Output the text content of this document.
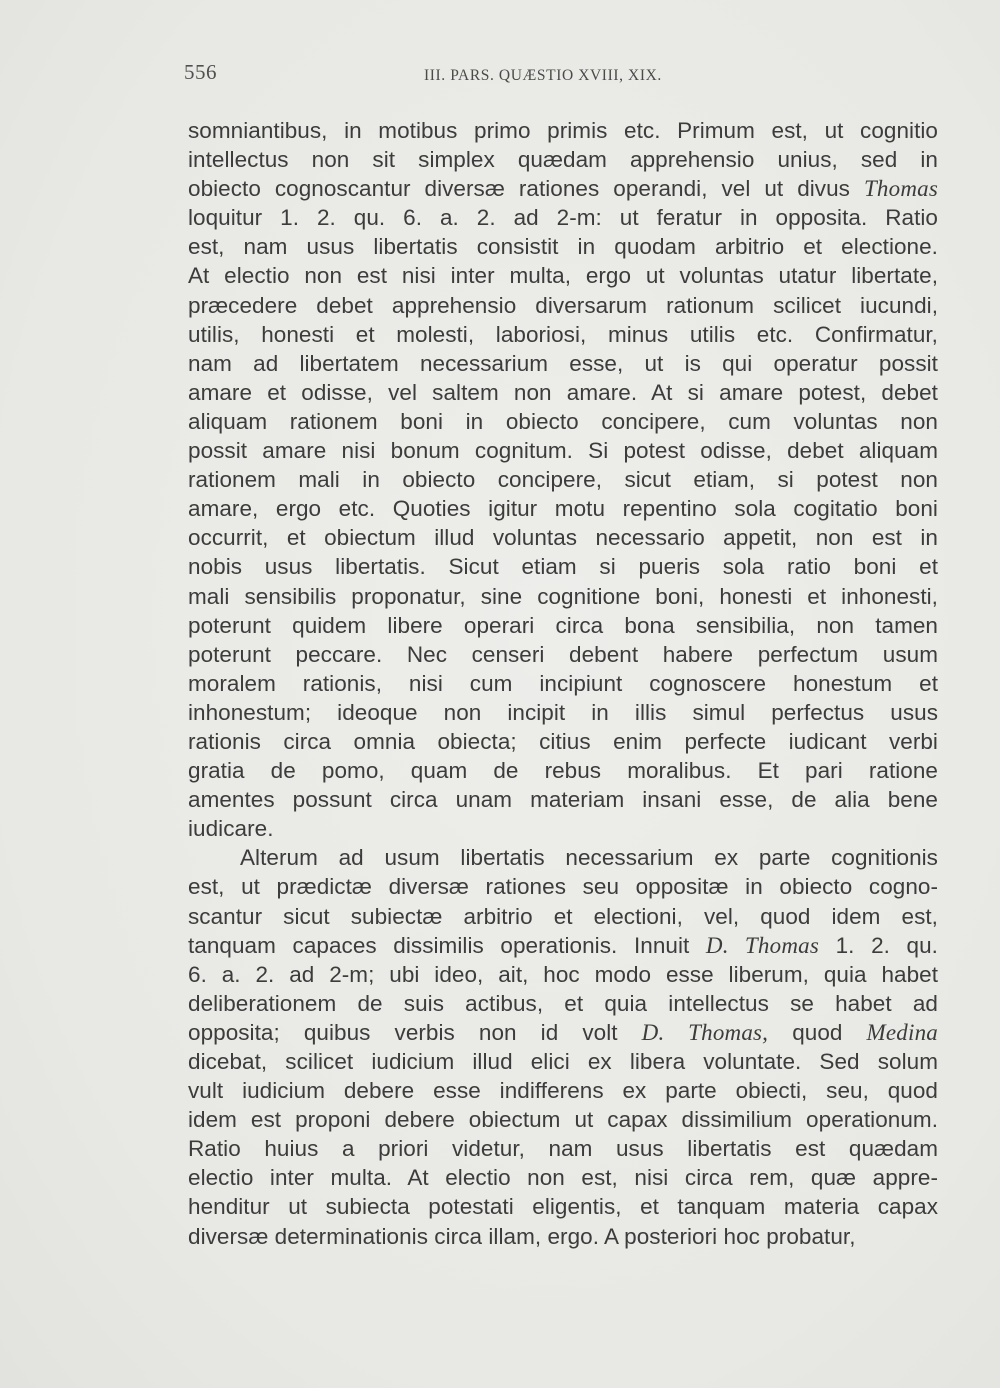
556	III. PARS. QUÆSTIO XVIII, XIX.
somniantibus, in motibus primo primis etc. Primum est, ut cognitio
intellectus non sit simplex quædam apprehensio unius, sed in
obiecto cognoscantur diversæ rationes operandi, vel ut divus Thomas
loquitur 1. 2. qu. 6. a. 2. ad 2-m: ut feratur in opposita. Ratio
est, nam usus libertatis consistit in quodam arbitrio et electione.
At electio non est nisi inter multa, ergo ut voluntas utatur libertate,
præcedere debet apprehensio diversarum rationum scilicet iucundi,
utilis, honesti et molesti, laboriosi, minus utilis etc. Confirmatur,
nam ad libertatem necessarium esse, ut is qui operatur possit
amare et odisse, vel saltem non amare. At si amare potest, debet
aliquam rationem boni in obiecto concipere, cum voluntas non
possit amare nisi bonum cognitum. Si potest odisse, debet aliquam
rationem mali in obiecto concipere, sicut etiam, si potest non
amare, ergo etc. Quoties igitur motu repentino sola cogitatio boni
occurrit, et obiectum illud voluntas necessario appetit, non est in
nobis usus libertatis. Sicut etiam si pueris sola ratio boni et
mali sensibilis proponatur, sine cognitione boni, honesti et inhonesti,
poterunt quidem libere operari circa bona sensibilia, non tamen
poterunt peccare. Nec censeri debent habere perfectum usum
moralem rationis, nisi cum incipiunt cognoscere honestum et
inhonestum; ideoque non incipit in illis simul perfectus usus
rationis circa omnia obiecta; citius enim perfecte iudicant verbi
gratia de pomo, quam de rebus moralibus. Et pari ratione
amentes possunt circa unam materiam insani esse, de alia bene
iudicare.
Alterum ad usum libertatis necessarium ex parte cognitionis
est, ut prædictæ diversæ rationes seu oppositæ in obiecto cogno-
scantur sicut subiectæ arbitrio et electioni, vel, quod idem est,
tanquam capaces dissimilis operationis. Innuit D. Thomas 1. 2. qu.
6. a. 2. ad 2-m; ubi ideo, ait, hoc modo esse liberum, quia habet
deliberationem de suis actibus, et quia intellectus se habet ad
opposita; quibus verbis non id volt D. Thomas, quod Medina
dicebat, scilicet iudicium illud elici ex libera voluntate. Sed solum
vult iudicium debere esse indifferens ex parte obiecti, seu, quod
idem est proponi debere obiectum ut capax dissimilium operationum.
Ratio huius a priori videtur, nam usus libertatis est quædam
electio inter multa. At electio non est, nisi circa rem, quæ appre-
henditur ut subiecta potestati eligentis, et tanquam materia capax
diversæ determinationis circa illam, ergo. A posteriori hoc probatur,
